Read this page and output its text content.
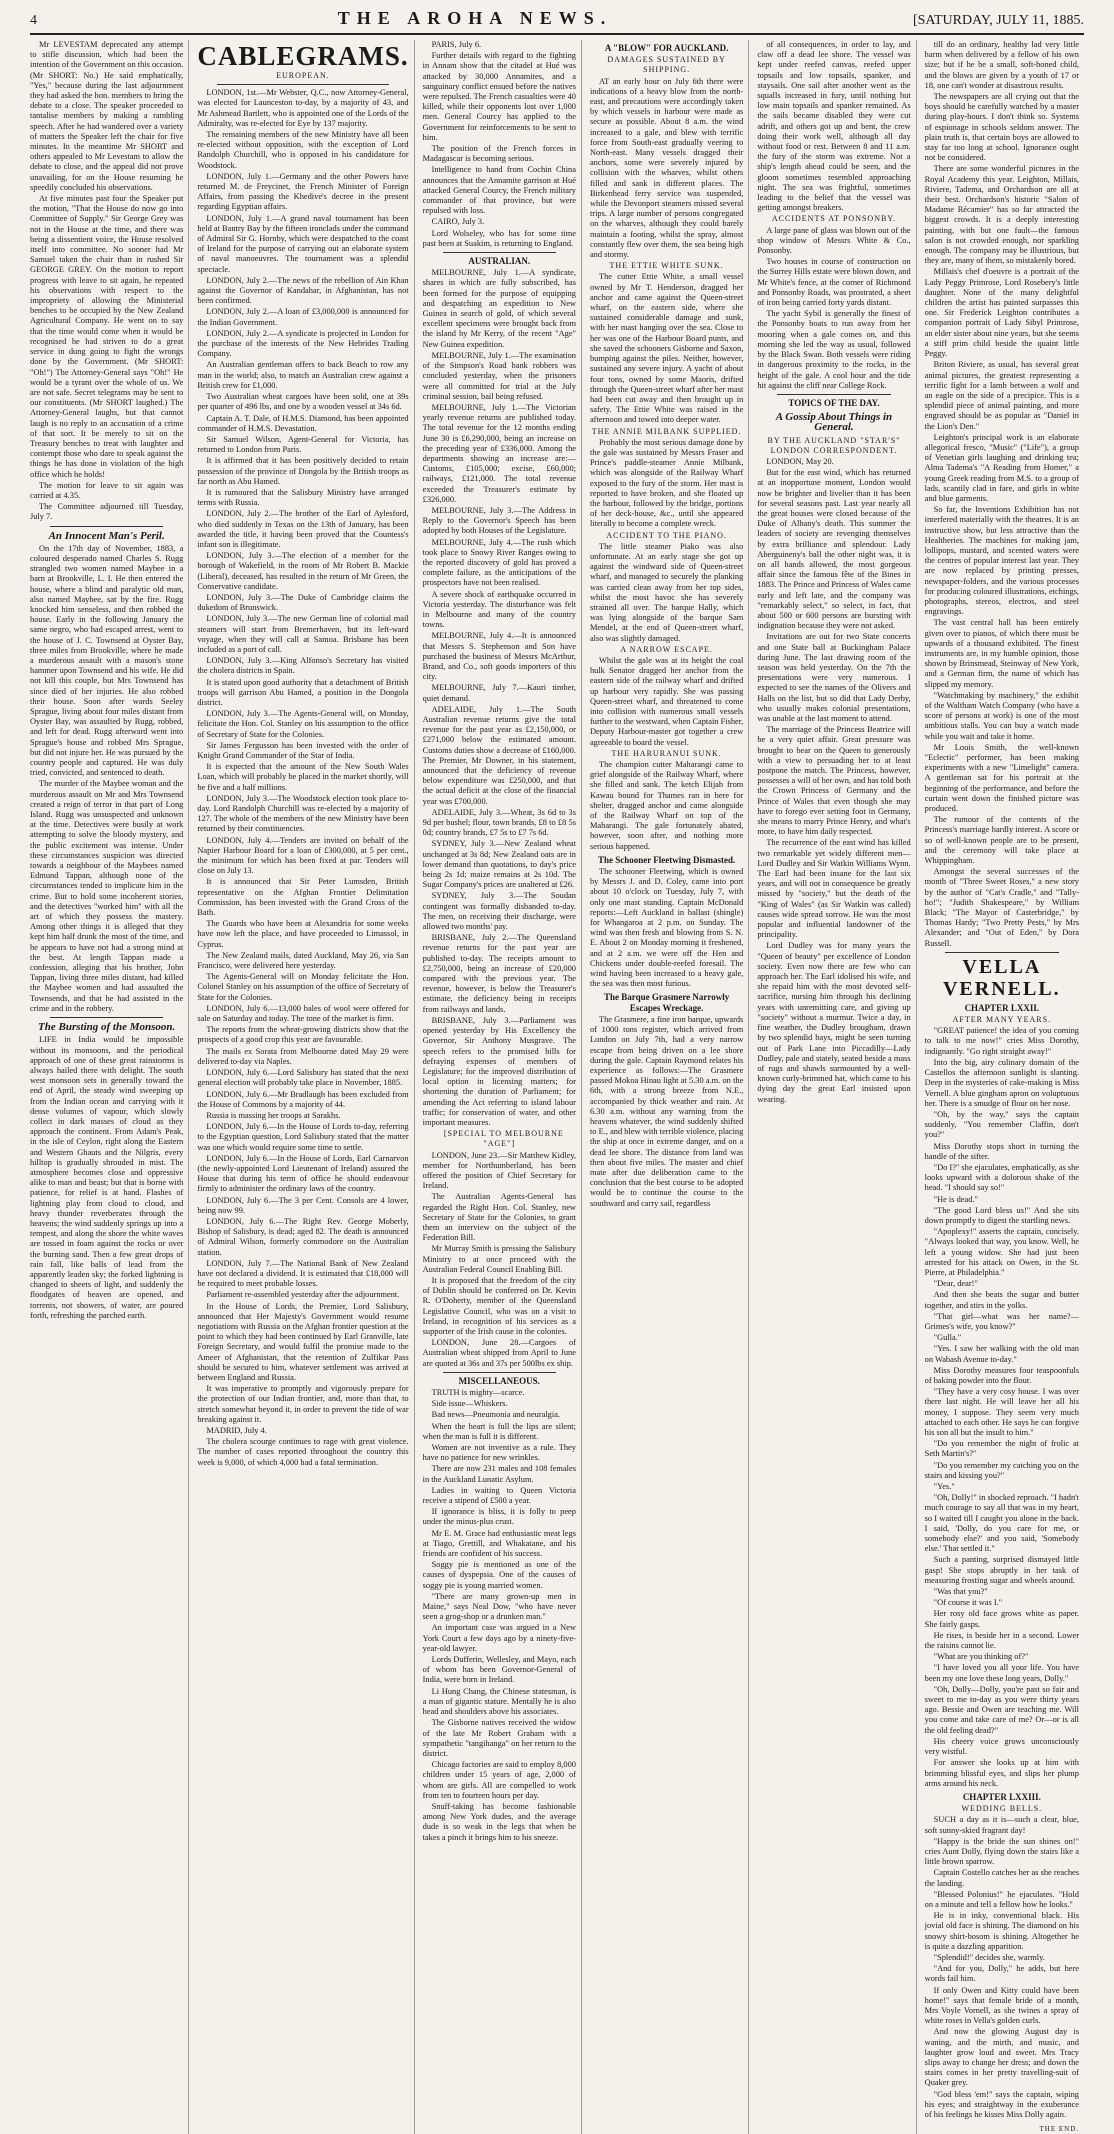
4	THE AROHA NEWS.	[SATURDAY, JULY 11, 1885.

Mr LEVESTAM deprecated any attempt to stifle discussion, which had been the intention of the Government on this occasion. (Mr SHORT: No.) He said emphatically, "Yes," because during the last adjournment they had asked the hon. members to bring the debate to a close. The speaker proceeded to tantalise members by making a rambling speech. After he had wandered over a variety of matters the Speaker left the chair for five minutes. In the meantime Mr SHORT and others appealed to Mr Levestam to allow the debate to close, and the appeal did not prove unavailing, for on the House resuming he speedily concluded his observations.

At five minutes past four the Speaker put the motion, "That the House do now go into Committee of Supply." Sir George Grey was not in the House at the time, and there was being a dissentient voice, the House resolved itself into committee. No sooner had Mr Samuel taken the chair than in rushed Sir GEORGE GREY. On the motion to report progress with leave to sit again, he repeated his observations with respect to the impropriety of allowing the Ministerial benches to be occupied by the New Zealand Agricultural Company. He went on to say that the time would come when it would be recognised he had striven to do a great service in dung going to fight the wrongs done by the Government. (Mr SHORT: "Oh!") The Attorney-General says "Oh!" He would be a tyrant over the whole of us. We are not safe. Secret telegrams may be sent to our constituents. (Mr SHORT laughed.) The Attorney-General laughs, but that cannot laugh is no reply to an accusation of a crime of that sort. It be merely to sit on the Treasury benches to treat with laughter and contempt those who dare to speak against the things he has done in violation of the high office which he holds!

The motion for leave to sit again was carried at 4.35.

The Committee adjourned till Tuesday, July 7.

An Innocent Man's Peril.

On the 17th day of November, 1883, a coloured desperado named Charles S. Rugg strangled two women named Maybee in a barn at Brookville, L. I. He then entered the house, where a blind and paralytic old man, also named Maybee, sat by the fire. Rugg knocked him senseless, and then robbed the house. Early in the following January the same negro, who had escaped arrest, went to the house of J. C. Townsend at Oyster Bay, three miles from Brookville, where he made a murderous assault with a mason's stone hammer upon Townsend and his wife. He did not kill this couple, but Mrs Townsend has since died of her injuries. He also robbed their house. Soon after wards Seeley Sprague, living about four miles distant from Oyster Bay, was assaulted by Rugg, robbed, and left for dead. Rugg afterward went into Sprague's house and robbed Mrs Sprague, but did not injure her. He was pursued by the country people and captured. He was duly tried, convicted, and sentenced to death.

The murder of the Maybee woman and the murderous assault on Mr and Mrs Townsend created a reign of terror in that part of Long Island. Rugg was unsuspected and unknown at the time. Detectives were busily at work attempting to solve the bloody mystery, and the public excitement was intense. Under these circumstances suspicion was directed towards a neighbour of the Maybees named Edmund Tappan, although none of the circumstances tended to implicate him in the crime. But to hold some incoherent stories, and the detectives "worked him" with all the art of which they possess the mastery. Among other things it is alleged that they kept him half drunk the most of the time, and he appears to have not had a strong mind at the best. At length Tappan made a confession, alleging that his brother, John Tappan, living three miles distant, had killed the Maybee women and had assaulted the Townsends, and that he had assisted in the crime and in the robbery.

The Bursting of the Monsoon.

LIFE in India would be impossible without its monsoons, and the periodical approach of one of these great rainstorms is always hailed there with delight. The south west monsoon sets in generally toward the end of April, the steady wind sweeping up from the Indian ocean and carrying with it dense volumes of vapour, which slowly collect in dark masses of cloud as they approach the continent. From Adam's Peak, in the isle of Ceylon, right along the Eastern and Western Ghauts and the Nilgris, every hilltop is gradually shrouded in mist. The atmosphere becomes close and oppressive alike to man and beast; but that is borne with patience, for relief is at hand. Flashes of lightning play from cloud to cloud, and heavy thunder reverberates through the heavens; the wind suddenly springs up into a tempest, and along the shore the white waves are tossed in foam against the rocks or over the burning sand. Then a few great drops of rain fall, like balls of lead from the apparently leaden sky; the forked lightning is changed to sheets of light, and suddenly the floodgates of heaven are opened, and torrents, not showers, of water, are poured forth, refreshing the parched earth.

CABLEGRAMS.
EUROPEAN.

LONDON, 1st.—Mr Webster, Q.C., now Attorney-General, was elected for Launceston to-day, by a majority of 43, and Mr Ashmead Bartlett, who is appointed one of the Lords of the Admiralty, was re-elected for Eye by 137 majority.

The remaining members of the new Ministry have all been re-elected without opposition, with the exception of Lord Randolph Churchill, who is opposed in his candidature for Woodstock.

LONDON, July 1.—Germany and the other Powers have returned M. de Freycinet, the French Minister of Foreign Affairs, from passing the Khedive's decree in the present regarding Egyptian affairs.

LONDON, July 1.—A grand naval tournament has been held at Bantry Bay by the fifteen ironclads under the command of Admiral Sir G. Hornby, which were despatched to the coast of Ireland for the purpose of carrying out an elaborate system of naval manoeuvres. The tournament was a splendid spectacle.

LONDON, July 2.—The news of the rebellion of Ain Khan against the Governor of Kandahar, in Afghanistan, has not been confirmed.

LONDON, July 2.—A loan of £3,000,000 is announced for the Indian Government.

LONDON, July 2.—A syndicate is projected in London for the purchase of the interests of the New Hebrides Trading Company.

An Australian gentleman offers to back Beach to row any man in the world; also, to match an Australian crew against a British crew for £1,000.

Two Australian wheat cargoes have been sold, one at 39s per quarter of 496 lbs, and one by a wooden vessel at 34s 6d.

Captain A. T. Dale, of H.M.S. Diamond, has been appointed commander of H.M.S. Devastation.

Sir Samuel Wilson, Agent-General for Victoria, has returned to London from Paris.

It is affirmed that it has been positively decided to retain possession of the province of Dongola by the British troops as far north as Abu Hamed.

It is rumoured that the Salisbury Ministry have arranged terms with Russia.

LONDON, July 2.—The brother of the Earl of Aylesford, who died suddenly in Texas on the 13th of January, has been awarded the title, it having been proved that the Countess's infant son is illegitimate.

LONDON, July 3.—The election of a member for the borough of Wakefield, in the room of Mr Robert B. Mackie (Liberal), deceased, has resulted in the return of Mr Green, the Conservative candidate.

LONDON, July 3.—The Duke of Cambridge claims the dukedom of Brunswick.

LONDON, July 3.—The new German line of colonial mail steamers will start from Bremerhaven, but its left-ward voyage, when they will call at Samoa. Brisbane has been included as a port of call.

LONDON, July 3.—King Alfonso's Secretary has visited the cholera districts in Spain.

It is stated upon good authority that a detachment of British troops will garrison Abu Hamed, a position in the Dongola district.

LONDON, July 3.—The Agents-General will, on Monday, felicitate the Hon. Col. Stanley on his assumption to the office of Secretary of State for the Colonies.

Sir James Fergusson has been invested with the order of Knight Grand Commander of the Star of India.

It is expected that the amount of the New South Wales Loan, which will probably be placed in the market shortly, will be five and a half millions.

LONDON, July 3.—The Woodstock election took place to-day. Lord Randolph Churchill was re-elected by a majority of 127. The whole of the members of the new Ministry have been returned by their constituencies.

LONDON, July 4.—Tenders are invited on behalf of the Napier Harbour Board for a loan of £300,000, at 5 per cent., the minimum for which has been fixed at par. Tenders will close on July 13.

It is announced that Sir Peter Lumsden, British representative on the Afghan Frontier Delimitation Commission, has been invested with the Grand Cross of the Bath.

The Guards who have been at Alexandria for some weeks have now left the place, and have proceeded to Limassol, in Cyprus.

The New Zealand mails, dated Auckland, May 26, via San Francisco, were delivered here yesterday.

The Agents-General will on Monday felicitate the Hon. Colonel Stanley on his assumption of the office of Secretary of State for the Colonies.

LONDON, July 6.—13,000 bales of wool were offered for sale on Saturday and today. The tone of the market is firm.

The reports from the wheat-growing districts show that the prospects of a good crop this year are favourable.

The mails ex Sorata from Melbourne dated May 29 were delivered to-day via Naples.

LONDON, July 6.—Lord Salisbury has stated that the next general election will probably take place in November, 1885.

LONDON, July 6.—Mr Bradlaugh has been excluded from the House of Commons by a majority of 44.

Russia is massing her troops at Sarakhs.

LONDON, July 6.—In the House of Lords to-day, referring to the Egyptian question, Lord Salisbury stated that the matter was one which would require some time to settle.

LONDON, July 6.—In the House of Lords, Earl Carnarvon (the newly-appointed Lord Lieutenant of Ireland) assured the House that during his term of office he should endeavour firmly to administer the ordinary laws of the country.

LONDON, July 6.—The 3 per Cent. Consols are 4 lower, being now 99.

LONDON, July 6.—The Right Rev. George Moberly, Bishop of Salisbury, is dead; aged 82. The death is announced of Admiral Wilson, formerly commodore on the Australian station.

LONDON, July 7.—The National Bank of New Zealand have not declared a dividend. It is estimated that £18,000 will be required to meet probable losses.

Parliament re-assembled yesterday after the adjournment.

In the House of Lords, the Premier, Lord Salisbury, announced that Her Majesty's Government would resume negotiations with Russia on the Afghan frontier question at the point to which they had been continued by Earl Granville, late Foreign Secretary, and would fulfil the promise made to the Ameer of Afghanistan, that the retention of Zulfikar Pass should be secured to him, whatever settlement was arrived at between England and Russia.

It was imperative to promptly and vigorously prepare for the protection of our Indian frontier, and, more than that, to stretch somewhat beyond it, in order to prevent the tide of war breaking against it.

MADRID, July 4.

The cholera scourge continues to rage with great violence. The number of cases reported throughout the country this week is 9,000, of which 4,000 had a fatal termination.

PARIS, July 6.

Further details with regard to the fighting in Annam show that the citadel at Hué was attacked by 30,000 Annamites, and a sanguinary conflict ensued before the natives were repulsed. The French casualties were 40 killed, while their opponents lost over 1,000 men. General Courcy has applied to the Government for reinforcements to be sent to him.

The position of the French forces in Madagascar is becoming serious.

Intelligence to hand from Cochin China announces that the Annamite garrison at Hué attacked General Courcy, the French military commander of that province, but were repulsed with loss.

CAIRO, July 3.

Lord Wolseley, who has for some time past been at Suakim, is returning to England.

AUSTRALIAN.

MELBOURNE, July 1.—A syndicate, shares in which are fully subscribed, has been formed for the purpose of equipping and despatching an expedition to New Guinea in search of gold, of which several excellent specimens were brought back from the island by Mr Kerry, of the recent "Age" New Guinea expedition.

MELBOURNE, July 1.—The examination of the Simpson's Road bank robbers was concluded yesterday, when the prisoners were all committed for trial at the July criminal session, bail being refused.

MELBOURNE, July 1.—The Victorian yearly revenue returns are published today. The total revenue for the 12 months ending June 30 is £6,290,000, being an increase on the preceding year of £336,000. Among the departments showing an increase are:—Customs, £105,000; excise, £60,000; railways, £121,000. The total revenue exceeded the Treasurer's estimate by £326,000.

MELBOURNE, July 3.—The Address in Reply to the Governor's Speech has been adopted by both Houses of the Legislature.

MELBOURNE, July 4.—The rush which took place to Snowy River Ranges owing to the reported discovery of gold has proved a complete failure, as the anticipations of the prospectors have not been realised.

A severe shock of earthquake occurred in Victoria yesterday. The disturbance was felt in Melbourne and many of the country towns.

MELBOURNE, July 4.—It is announced that Messrs S. Stephenson and Son have purchased the business of Messrs McArthur, Brand, and Co., soft goods importers of this city.

MELBOURNE, July 7.—Kauri timber, quiet demand.

ADELAIDE, July 1.—The South Australian revenue returns give the total revenue for the past year as £2,150,000, or £271,000 below the estimated amount. Customs duties show a decrease of £160,000. The Premier, Mr Downer, in his statement, announced that the deficiency of revenue below expenditure was £250,000, and that the actual deficit at the close of the financial year was £700,000.

ADELAIDE, July 3.—Wheat, 3s 6d to 3s 9d per bushel; flour, town brands, £8 to £8 5s 0d; country brands, £7 5s to £7 7s 6d.

SYDNEY, July 3.—New Zealand wheat unchanged at 3s 8d; New Zealand oats are in lower demand than quotations, to day's price being 2s 1d; maize remains at 2s 10d. The Sugar Company's prices are unaltered at £26.

SYDNEY, July 3.—The Soudan contingent was formally disbanded to-day. The men, on receiving their discharge, were allowed two months' pay.

BRISBANE, July 2.—The Queensland revenue returns for the past year are published to-day. The receipts amount to £2,750,000, being an increase of £20,000 compared with the previous year. The revenue, however, is below the Treasurer's estimate, the deficiency being in receipts from railways and lands.

BRISBANE, July 3.—Parliament was opened yesterday by His Excellency the Governor, Sir Anthony Musgrave. The speech refers to the promised bills for defraying expenses of members of Legislature; for the improved distribution of local option in licensing matters; for shortening the duration of Parliament; for amending the Act referring to island labour traffic; for conservation of water, and other important measures.

[SPECIAL TO MELBOURNE "AGE"]

LONDON, June 23.—Sir Matthew Kidley, member for Northumberland, has been offered the position of Chief Secretary for Ireland.

The Australian Agents-General has regarded the Right Hon. Col. Stanley, new Secretary of State for the Colonies, to grant them an interview on the subject of the Federation Bill.

Mr Murray Smith is pressing the Salisbury Ministry to at once proceed with the Australian Federal Council Enabling Bill.

It is proposed that the freedom of the city of Dublin should be conferred on Dr. Kevin R. O'Doherty, member of the Queensland Legislative Council, who was on a visit to Ireland, in recognition of his services as a supporter of the Irish cause in the colonies.

LONDON, June 28.—Cargoes of Australian wheat shipped from April to June are quoted at 36s and 37s per 500lbs ex ship.

MISCELLANEOUS.

TRUTH is mighty—scarce.

Side issue—Whiskers.

Bad news—Pneumonia and neuralgia.

When the heart is full the lips are silent; when the man is full it is different.

Women are not inventive as a rule. They have no patience for new wrinkles.

There are now 231 males and 108 females in the Auckland Lunatic Asylum.

Ladies in waiting to Queen Victoria receive a stipend of £500 a year.

If ignorance is bliss, it is folly to peep under the minus-plus crust.

Mr E. M. Grace had enthusiastic meat legs at Tiago, Grettill, and Whakatane, and his friends are confident of his success.

Soggy pie is mentioned as one of the causes of dyspepsia. One of the causes of soggy pie is young married women.

"There are many grown-up men in Maine," says Neal Dow, "who have never seen a grog-shop or a drunken man."

An important case was argued in a New York Court a few days ago by a ninety-five-year-old lawyer.

Lords Dufferin, Wellesley, and Mayo, each of whom has been Governor-General of India, were born in Ireland.

Li Hung Chang, the Chinese statesman, is a man of gigantic stature. Mentally he is also head and shoulders above his associates.

The Gisborne natives received the widow of the late Mr Robert Graham with a sympathetic "tangihanga" on her return to the district.

Chicago factories are said to employ 8,000 children under 15 years of age, 2,000 of whom are girls. All are compelled to work from ten to fourteen hours per day.

Snuff-taking has become fashionable among New York dudes, and the average dude is so weak in the legs that when he takes a pinch it brings him to his sneeze.

A "BLOW" FOR AUCKLAND.
DAMAGES SUSTAINED BY SHIPPING.

AT an early hour on July 6th there were indications of a heavy blow from the north-east, and precautions were accordingly taken by which vessels in harbour were made as secure as possible. About 8 a.m. the wind increased to a gale, and blew with terrific force from South-east gradually veering to North-east. Many vessels dragged their anchors, some were severely injured by collision with the wharves, whilst others filled and sank in different places. The Birkenhead ferry service was suspended, while the Devonport steamers missed several trips. A large number of persons congregated on the wharves, although they could barely maintain a footing, whilst the spray, almost constantly flew over them, the sea being high and stormy.

THE ETTIE WHITE SUNK.

The cutter Ettie White, a small vessel owned by Mr T. Henderson, dragged her anchor and came against the Queen-street wharf, on the eastern side, where she sustained considerable damage and sunk, with her mast hanging over the sea. Close to her was one of the Harbour Board punts, and she saved the schooners Gisborne and Saxon, bumping against the piles. Neither, however, sustained any severe injury. A yacht of about four tons, owned by some Maoris, drifted through the Queen-street wharf after her mast had been cut away and then brought up in safety. The Ettie White was raised in the afternoon and towed into deeper water.

THE ANNIE MILBANK SUPPLIED.

Probably the most serious damage done by the gale was sustained by Messrs Fraser and Prince's paddle-steamer Annie Milbank, which was alongside of the Railway Wharf exposed to the fury of the storm. Her mast is reported to have broken, and she floated up the harbour, followed by the bridge, portions of her deck-house, &c., until she appeared literally to become a complete wreck.

ACCIDENT TO THE PIANO.

The little steamer Piako was also unfortunate. At an early stage she got up against the windward side of Queen-street wharf, and managed to securely the planking was carried clean away from her top sides, whilst the most havoc she has severely strained all over. The barque Hally, which was lying alongside of the barque Sam Mendel, at the end of Queen-street wharf, also was slightly damaged.

A NARROW ESCAPE.

Whilst the gale was at its height the coal hulk Senator dragged her anchor from the eastern side of the railway wharf and drifted up harbour very rapidly. She was passing Queen-street wharf, and threatened to come into collision with numerous small vessels further to the westward, when Captain Fisher, Deputy Harbour-master got together a crew agreeable to board the vessel.

THE HARURANUI SUNK.

The champion cutter Maharangi came to grief alongside of the Railway Wharf, where she filled and sank. The ketch Elijah from Kawau bound for Thames ran in here for shelter, dragged anchor and came alongside of the Railway Wharf on top of the Maharangi. The gale fortunately abated, however, soon after, and nothing more serious happened.

The Schooner Fleetwing Dismasted.

The schooner Fleetwing, which is owned by Messrs J. and D. Coley, came into port about 10 o'clock on Tuesday, July 7, with only one mast standing. Captain McDonald reports:—Left Auckland in ballast (shingle) for Whangaroa at 2 p.m. on Sunday. The wind was then fresh and blowing from S. N. E. About 2 on Monday morning it freshened, and at 2 a.m. we were off the Hen and Chickens under double-reefed foresail. The wind having been increased to a heavy gale, the sea was then most furious.

The Barque Grasmere Narrowly Escapes Wreckage.

The Grasmere, a fine iron barque, upwards of 1000 tons register, which arrived from London on July 7th, had a very narrow escape from being driven on a lee shore during the gale. Captain Raymond relates his experience as follows:—The Grasmere passed Mokoa Hinau light at 5.30 a.m. on the 6th, with a strong breeze from N.E., accompanied by thick weather and rain. At 6.30 a.m. without any warning from the heavens whatever, the wind suddenly shifted to E., and blew with terrible violence, placing the ship at once in extreme danger, and on a dead lee shore. The distance from land was then about five miles. The master and chief mate after due deliberation came to the conclusion that the best course to be adopted would be to continue the course to the southward and carry sail, regardless

of all consequences, in order to lay, and claw off a dead lee shore. The vessel was kept under reefed canvas, reefed upper topsails and low topsails, spanker, and staysails. One sail after another went as the squalls increased in fury, until nothing but low main topsails and spanker remained. As the sails became disabled they were cut adrift, and others got up and bent, the crew doing their work well, although all day without food or rest. Between 8 and 11 a.m. the fury of the storm was extreme. Not a ship's length ahead could be seen, and the gloom sometimes resembled approaching night. The sea was frightful, sometimes leading to the belief that the vessel was getting amongst breakers.

ACCIDENTS AT PONSONBY.

A large pane of glass was blown out of the shop window of Messrs White & Co., Ponsonby.

Two houses in course of construction on the Surrey Hills estate were blown down, and Mr White's fence, at the corner of Richmond and Ponsonby Roads, was prostrated, a sheet of iron being carried forty yards distant.

The yacht Sybil is generally the finest of the Ponsonby boats to run away from her mooring when a gale comes on, and this morning she led the way as usual, followed by the Black Swan. Both vessels were riding in dangerous proximity to the rocks, in the height of the gale. A cool hour and the tide hit against the cliff near College Rock.

TOPICS OF THE DAY.
A Gossip About Things in General.
BY THE AUCKLAND "STAR'S" LONDON CORRESPONDENT.

LONDON, May 20.

But for the east wind, which has returned at an inopportune moment, London would now be brighter and livelier than it has been for several seasons past. Last year nearly all the great houses were closed because of the Duke of Albany's death. This summer the leaders of society are revenging themselves by extra brilliance and splendour. Lady Aberguineny's ball the other night was, it is on all hands allowed, the most gorgeous affair since the famous fête of the Bines in 1883. The Prince and Princess of Wales came early and left late, and the company was "remarkably select," so select, in fact, that about 500 or 600 persons are bursting with indignation because they were not asked.

Invitations are out for two State concerts and one State ball at Buckingham Palace during June. The last drawing room of the season was held yesterday. On the 7th the presentations were very numerous. I expected to see the names of the Olivers and Halls on the list, but so did that Lady Derby, who usually makes colonial presentations, was unable at the last moment to attend.

The marriage of the Princess Beatrice will be a very quiet affair. Great pressure was brought to bear on the Queen to generously with a view to persuading her to at least postpone the match. The Princess, however, possesses a will of her own, and has told both the Crown Princess of Germany and the Prince of Wales that even though she may have to forego ever setting foot in Germany, she means to marry Prince Henry, and what's more, to have him daily respected.

The recurrence of the east wind has killed two remarkable yet widely different men—Lord Dudley and Sir Watkin Williams Wynn. The Earl had been insane for the last six years, and will not in consequence be greatly missed by "society," but the death of the "King of Wales" (as Sir Watkin was called) causes wide spread sorrow. He was the most popular and influential landowner of the principality.

Lord Dudley was for many years the "Queen of beauty" per excellence of London society. Even now there are few who can approach her. The Earl idolised his wife, and she repaid him with the most devoted self-sacrifice, nursing him through his declining years with unremitting care, and giving up "society" without a murmur. Twice a day, in fine weather, the Dudley brougham, drawn by two splendid bays, might be seen turning out of Park Lane into Piccadilly—Lady Dudley, pale and stately, seated beside a mass of rugs and shawls surmounted by a well-known curly-brimmed hat, which came to his dying day the great Earl insisted upon wearing.

till do an ordinary, healthy lad very little harm when delivered by a fellow of his own size; but if he be a small, soft-boned child, and the blows are given by a youth of 17 or 18, one can't wonder at disastrous results.

The newspapers are all crying out that the boys should be carefully watched by a master during play-hours. I don't think so. Systems of espionage in schools seldom answer. The plain truth is, that certain boys are allowed to stay far too long at school. Ignorance ought not be considered.

There are some wonderful pictures in the Royal Academy this year. Leighton, Millais, Riviere, Tadema, and Orchardson are all at their best. Orchardson's historic "Salon of Madame Récamier" has so far attracted the biggest crowds. It is a deeply interesting painting, with but one fault—the famous salon is not crowded enough, nor sparkling enough. The company may be illustrious, but they are, many of them, so mistakenly bored.

Millais's chef d'oeuvre is a portrait of the Lady Peggy Primrose, Lord Rosebery's little daughter. None of the many delightful children the artist has painted surpasses this one. Sir Frederick Leighton contributes a companion portrait of Lady Sibyl Primrose, an elder sister about nine years, but she seems a stiff prim child beside the quaint little Peggy.

Briton Riviere, as usual, has several great animal pictures, the greatest representing a terrific fight for a lamb between a wolf and an eagle on the side of a precipice. This is a splendid piece of animal painting, and more engraved should be as popular as "Daniel in the Lion's Den."

Leighton's principal work is an elaborate allegorical fresco, "Music" ("Life"), a group of Venetian girls laughing and drinking tea; Alma Tadema's "A Reading from Homer," a young Greek reading from M.S. to a group of lads, scantily clad in fare, and girls in white and blue garments.

So far, the Inventions Exhibition has not interfered materially with the theatres. It is an instructive show, but less attractive than the Healtheries. The machines for making jam, lollipops, mustard, and scented waters were the centres of popular interest last year. They are now replaced by printing presses, newspaper-folders, and the various processes for producing coloured illustrations, etchings, photographs, stereos, electros, and steel engravings.

The vast central hall has been entirely given over to pianos, of which there must be upwards of a thousand exhibited. The finest instruments are, in my humble opinion, those shown by Brinsmead, Steinway of New York, and a German firm, the name of which has slipped my memory.

"Watchmaking by machinery," the exhibit of the Waltham Watch Company (who have a score of persons at work) is one of the most ambitious stalls. You can buy a watch made while you wait and take it home.

Mr Louis Smith, the well-known "Eclectic" performer, has been making experiments with a new "Limelight" camera. A gentleman sat for his portrait at the beginning of the performance, and before the curtain went down the finished picture was produced.

The rumour of the contents of the Princess's marriage hardly interest. A score or so of well-known people are to be present, and the ceremony will take place at Whippingham.

Amongst the several successes of the month of "Three Sweet Roses," a new story by the author of "Cat's Cradle," and "Tally-ho!"; "Judith Shakespeare," by William Black; "The Mayor of Casterbridge," by Thomas Hardy; "Two Pretty Pests," by Mrs Alexander; and "Out of Eden," by Dora Russell.

VELLA VERNELL.
CHAPTER LXXII.
AFTER MANY YEARS.

"GREAT patience! the idea of you coming to talk to me now!" cries Miss Dorothy, indignantly. "Go right straight away!"

Into the big, airy culinary domain of the Castellos the afternoon sunlight is slanting. Deep in the mysteries of cake-making is Miss Vernell. A blue gingham apron on voluptuous her. There is a smudge of flour on her nose.

"Oh, by the way," says the captain suddenly, "You remember Claffin, don't you?"

Miss Dorothy stops short in turning the handle of the sifter.

"Do I?" she ejaculates, emphatically, as she looks upward with a dolorous shake of the head. "I should say so!"

"He is dead."

"The good Lord bless us!" And she sits down promptly to digest the startling news.

"Apoplexy!" asserts the captain, concisely. "Always looked that way, you know. Well, he left a young widow. She had just been arrested for his attack on Owen, in the St. Pierre, at Philadelphia."

"Dear, dear!"

And then she beats the sugar and butter together, and stirs in the yolks.

"That girl—what was her name?—Grimes's wife, you know?"

"Gulla."

"Yes. I saw her walking with the old man on Wabash Avenue to-day."

Miss Dorothy measures four teaspoonfuls of baking powder into the flour.

"They have a very cosy house. I was over there last night. He will leave her all his money, I suppose. They seem very much attached to each other. He says he can forgive his son all but the insult to him."

"Do you remember the night of frolic at Seth Martin's?"

"Do you remember my catching you on the stairs and kissing you?"

"Yes."

"Oh, Dolly!" in shocked reproach. "I hadn't much courage to say all that was in my heart, so I waited till I caught you alone in the back. I said, 'Dolly, do you care for me, or somebody else?' and you said, 'Somebody else.' That settled it."

Such a panting, surprised dismayed little gasp! She stops abruptly in her task of measuring frosting sugar and wheels around.

"Was that you?"

"Of course it was I."

Her rosy old face grows white as paper. She fairly gasps.

He rises, is beside her in a second. Lower the raisins cannot lie.

"What are you thinking of?"

"I have loved you all your life. You have been my one love these long years, Dolly."

"Oh, Dolly—Dolly, you're past so fair and sweet to me to-day as you were thirty years ago. Bessie and Owen are teaching me. Will you come and take care of me? Or—or is all the old feeling dead?"

His cheery voice grows unconsciously very wistful.

For answer she looks up at him with brimming blissful eyes, and slips her plump arms around his neck.

CHAPTER LXXIII.
WEDDING BELLS.

SUCH a day as it is—such a clear, blue, soft sunny-skied fragrant day!

"Happy is the bride the sun shines on!" cries Aunt Dolly, flying down the stairs like a little brown sparrow.

Captain Costello catches her as she reaches the landing.

"Blessed Polonius!" he ejaculates. "Hold on a minute and tell a fellow how he looks."

He is in inky, conventional black. His jovial old face is shining. The diamond on his snowy shirt-bosom is shining. Altogether he is quite a dazzling apparition.

"Splendid!" decides she, warmly.

"And for you, Dolly," he adds, but here words fail him.

If only Owen and Kitty could have been home!" says that female bride of a month, Mrs Voyle Vornell, as she twines a spray of white roses in Vella's golden curls.

And now the glowing August day is waning, and the mirth, and music, and laughter grow loud and sweet. Mrs Tracy slips away to change her dress; and down the stairs comes in her pretty travelling-suit of Quaker grey.

"God bless 'em!" says the captain, wiping his eyes; and straightway in the exuberance of his feelings he kisses Miss Dolly again.

THE END.
